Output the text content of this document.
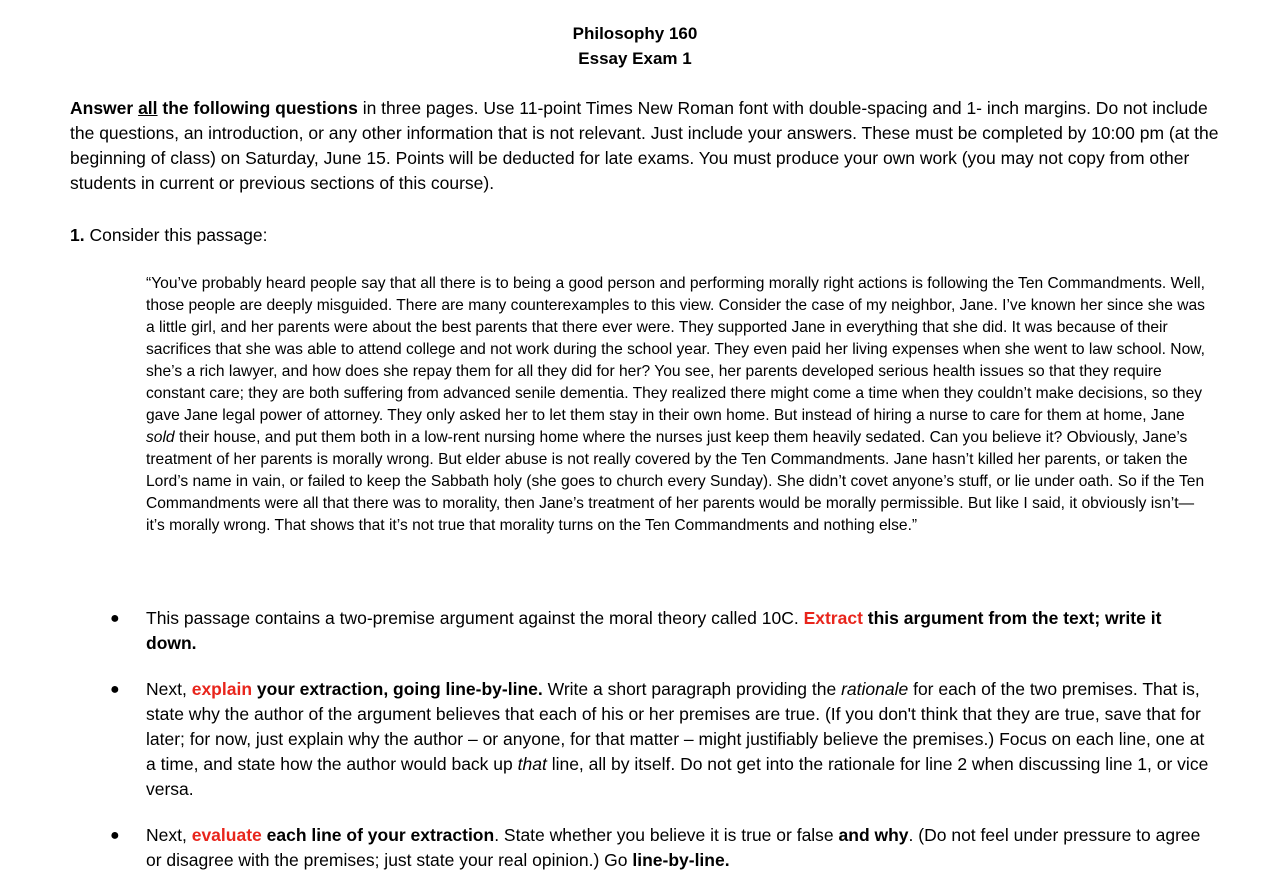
Philosophy 160
Essay Exam 1
Answer all the following questions in three pages. Use 11-point Times New Roman font with double-spacing and 1- inch margins. Do not include the questions, an introduction, or any other information that is not relevant. Just include your answers. These must be completed by 10:00 pm (at the beginning of class) on Saturday, June 15. Points will be deducted for late exams. You must produce your own work (you may not copy from other students in current or previous sections of this course).
1. Consider this passage:
“You’ve probably heard people say that all there is to being a good person and performing morally right actions is following the Ten Commandments. Well, those people are deeply misguided. There are many counterexamples to this view. Consider the case of my neighbor, Jane. I’ve known her since she was a little girl, and her parents were about the best parents that there ever were. They supported Jane in everything that she did. It was because of their sacrifices that she was able to attend college and not work during the school year. They even paid her living expenses when she went to law school. Now, she’s a rich lawyer, and how does she repay them for all they did for her? You see, her parents developed serious health issues so that they require constant care; they are both suffering from advanced senile dementia. They realized there might come a time when they couldn’t make decisions, so they gave Jane legal power of attorney. They only asked her to let them stay in their own home. But instead of hiring a nurse to care for them at home, Jane sold their house, and put them both in a low-rent nursing home where the nurses just keep them heavily sedated. Can you believe it? Obviously, Jane’s treatment of her parents is morally wrong. But elder abuse is not really covered by the Ten Commandments. Jane hasn’t killed her parents, or taken the Lord’s name in vain, or failed to keep the Sabbath holy (she goes to church every Sunday). She didn’t covet anyone’s stuff, or lie under oath. So if the Ten Commandments were all that there was to morality, then Jane’s treatment of her parents would be morally permissible. But like I said, it obviously isn’t—it’s morally wrong. That shows that it’s not true that morality turns on the Ten Commandments and nothing else.”
● This passage contains a two-premise argument against the moral theory called 10C. Extract this argument from the text; write it down.
● Next, explain your extraction, going line-by-line. Write a short paragraph providing the rationale for each of the two premises. That is, state why the author of the argument believes that each of his or her premises are true. (If you don't think that they are true, save that for later; for now, just explain why the author – or anyone, for that matter – might justifiably believe the premises.) Focus on each line, one at a time, and state how the author would back up that line, all by itself. Do not get into the rationale for line 2 when discussing line 1, or vice versa.
● Next, evaluate each line of your extraction. State whether you believe it is true or false and why. (Do not feel under pressure to agree or disagree with the premises; just state your real opinion.) Go line-by-line.
